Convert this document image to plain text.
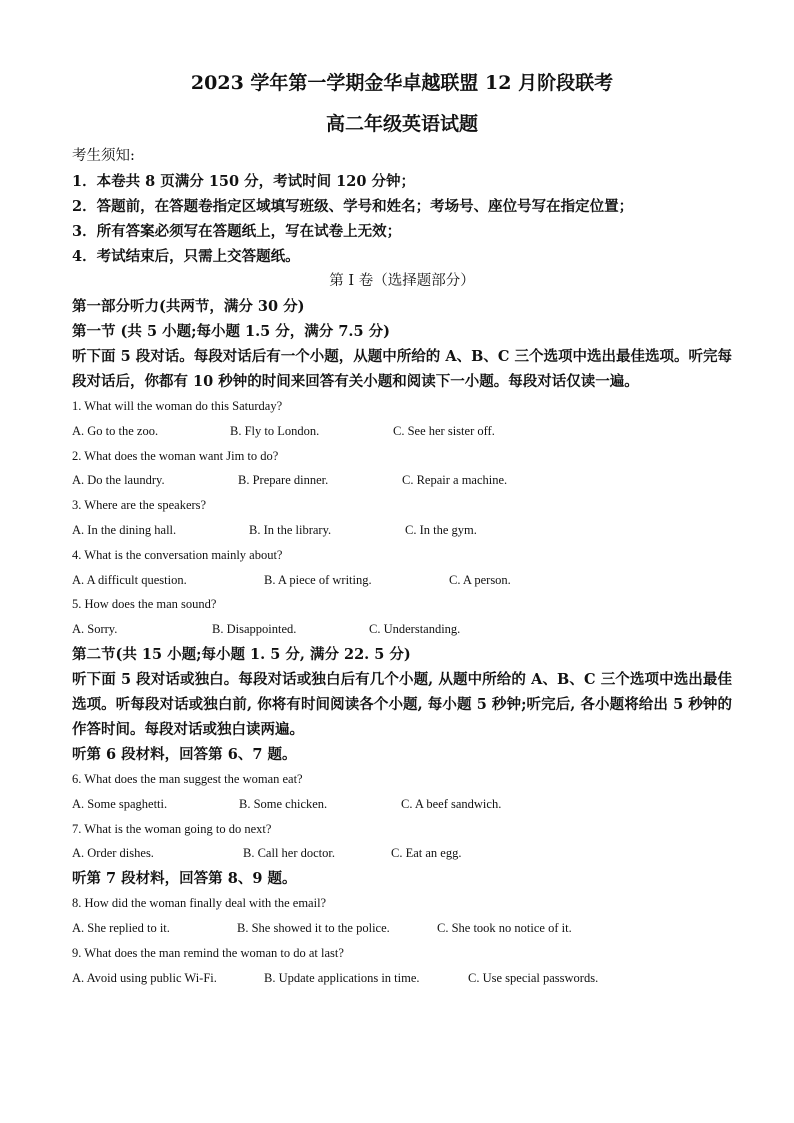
2023 学年第一学期金华卓越联盟 12 月阶段联考
高二年级英语试题
考生须知:
1．本卷共 8 页满分 150 分，考试时间 120 分钟；
2．答题前，在答题卷指定区域填写班级、学号和姓名；考场号、座位号写在指定位置；
3．所有答案必须写在答题纸上，写在试卷上无效；
4．考试结束后，只需上交答题纸。
第 I 卷（选择题部分）
第一部分听力(共两节，满分 30 分)
第一节 (共 5 小题;每小题 1.5 分，满分 7.5 分)
听下面 5 段对话。每段对话后有一个小题，从题中所给的 A、B、C 三个选项中选出最佳选项。听完每段对话后，你都有 10 秒钟的时间来回答有关小题和阅读下一小题。每段对话仅读一遍。
1. What will the woman do this Saturday?
A. Go to the zoo.	B. Fly to London.	C. See her sister off.
2. What does the woman want Jim to do?
A. Do the laundry.	B. Prepare dinner.	C. Repair a machine.
3. Where are the speakers?
A. In the dining hall.	B. In the library.	C. In the gym.
4. What is the conversation mainly about?
A. A difficult question.	B. A piece of writing.	C. A person.
5. How does the man sound?
A. Sorry.	B. Disappointed.	C. Understanding.
第二节(共 15 小题;每小题 1. 5 分, 满分 22. 5 分)
听下面 5 段对话或独白。每段对话或独白后有几个小题, 从题中所给的 A、B、C 三个选项中选出最佳选项。听每段对话或独白前, 你将有时间阅读各个小题, 每小题 5 秒钟;听完后, 各小题将给出 5 秒钟的作答时间。每段对话或独白读两遍。
听第 6 段材料，回答第 6、7 题。
6. What does the man suggest the woman eat?
A. Some spaghetti.	B. Some chicken.	C. A beef sandwich.
7. What is the woman going to do next?
A. Order dishes.	B. Call her doctor.	C. Eat an egg.
听第 7 段材料，回答第 8、9 题。
8. How did the woman finally deal with the email?
A. She replied to it.	B. She showed it to the police.	C. She took no notice of it.
9. What does the man remind the woman to do at last?
A. Avoid using public Wi-Fi.	B. Update applications in time.	C. Use special passwords.
